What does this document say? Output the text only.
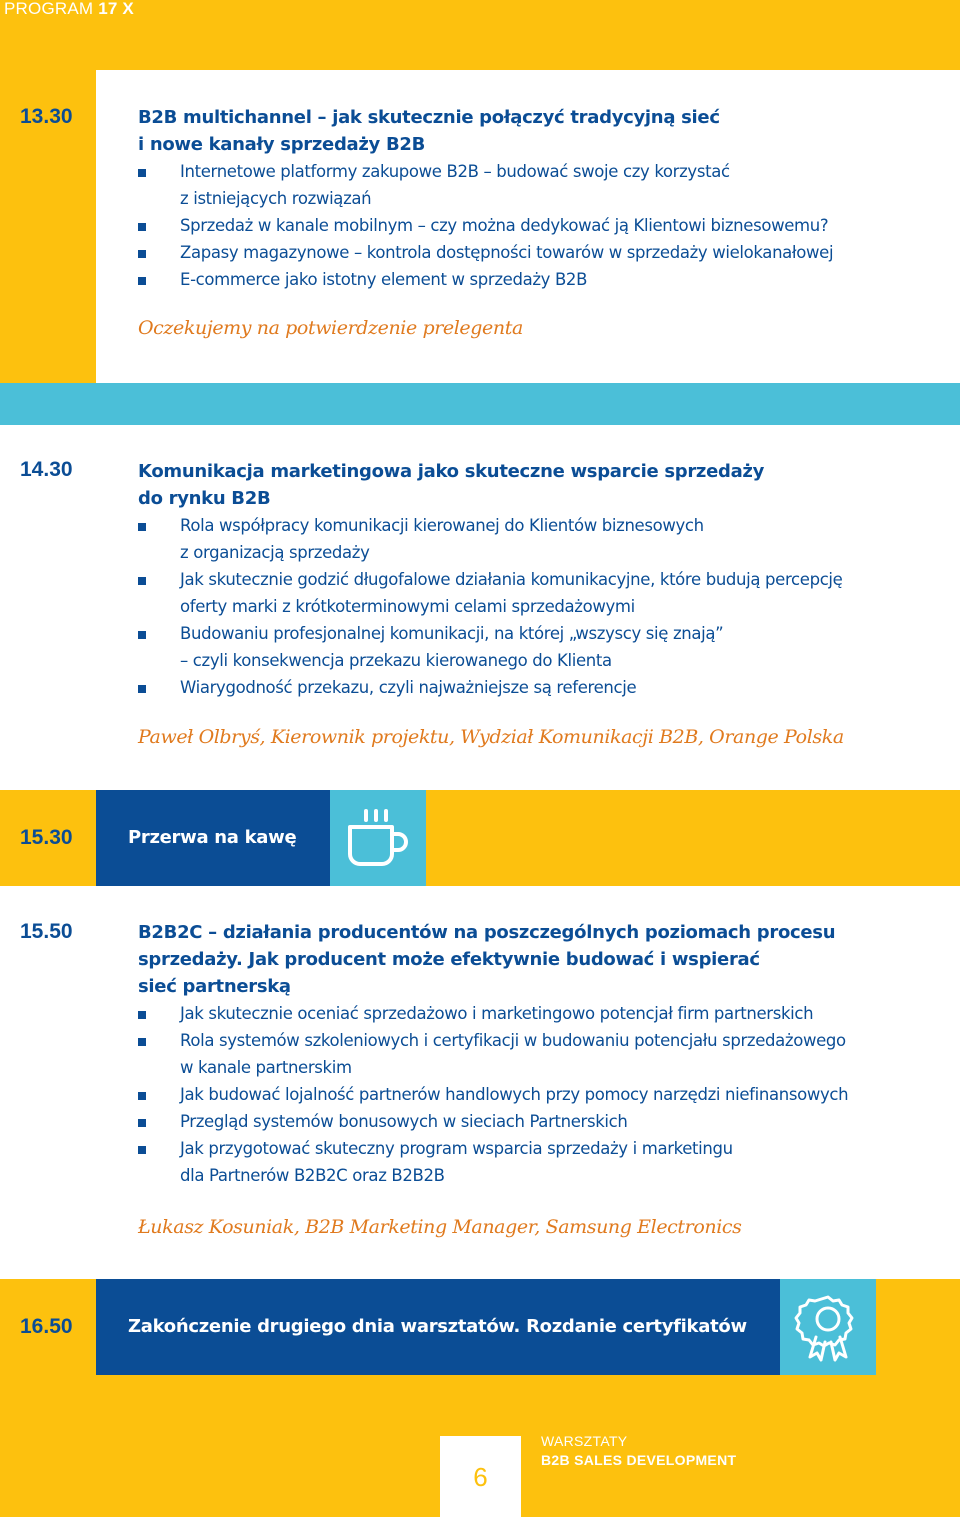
PROGRAM 17 X
13.30	B2B multichannel – jak skutecznie połączyć tradycyjną sieć
i nowe kanały sprzedaży B2B
Internetowe platformy zakupowe B2B – budować swoje czy korzystać
z istniejących rozwiązań
Sprzedaż w kanale mobilnym – czy można dedykować ją Klientowi biznesowemu?
Zapasy magazynowe – kontrola dostępności towarów w sprzedaży wielokanałowej
E-commerce jako istotny element w sprzedaży B2B
Oczekujemy na potwierdzenie prelegenta
14.30	Komunikacja marketingowa jako skuteczne wsparcie sprzedaży
do rynku B2B
Rola współpracy komunikacji kierowanej do Klientów biznesowych
z organizacją sprzedaży
Jak skutecznie godzić długofalowe działania komunikacyjne, które budują percepcję
oferty marki z krótkoterminowymi celami sprzedażowymi
Budowaniu profesjonalnej komunikacji, na której „wszyscy się znają”
– czyli konsekwencja przekazu kierowanego do Klienta
Wiarygodność przekazu, czyli najważniejsze są referencje
Paweł Olbryś, Kierownik projektu, Wydział Komunikacji B2B, Orange Polska
15.30	Przerwa na kawę
15.50	B2B2C – działania producentów na poszczególnych poziomach procesu
sprzedaży. Jak producent może efektywnie budować i wspierać
sieć partnerską
Jak skutecznie oceniać sprzedażowo i marketingowo potencjał firm partnerskich
Rola systemów szkoleniowych i certyfikacji w budowaniu potencjału sprzedażowego
w kanale partnerskim
Jak budować lojalność partnerów handlowych przy pomocy narzędzi niefinansowych
Przegląd systemów bonusowych w sieciach Partnerskich
Jak przygotować skuteczny program wsparcia sprzedaży i marketingu
dla Partnerów B2B2C oraz B2B2B
Łukasz Kosuniak, B2B Marketing Manager, Samsung Electronics
16.50	Zakończenie drugiego dnia warsztatów. Rozdanie certyfikatów
6
WARSZTATY
B2B SALES DEVELOPMENT
